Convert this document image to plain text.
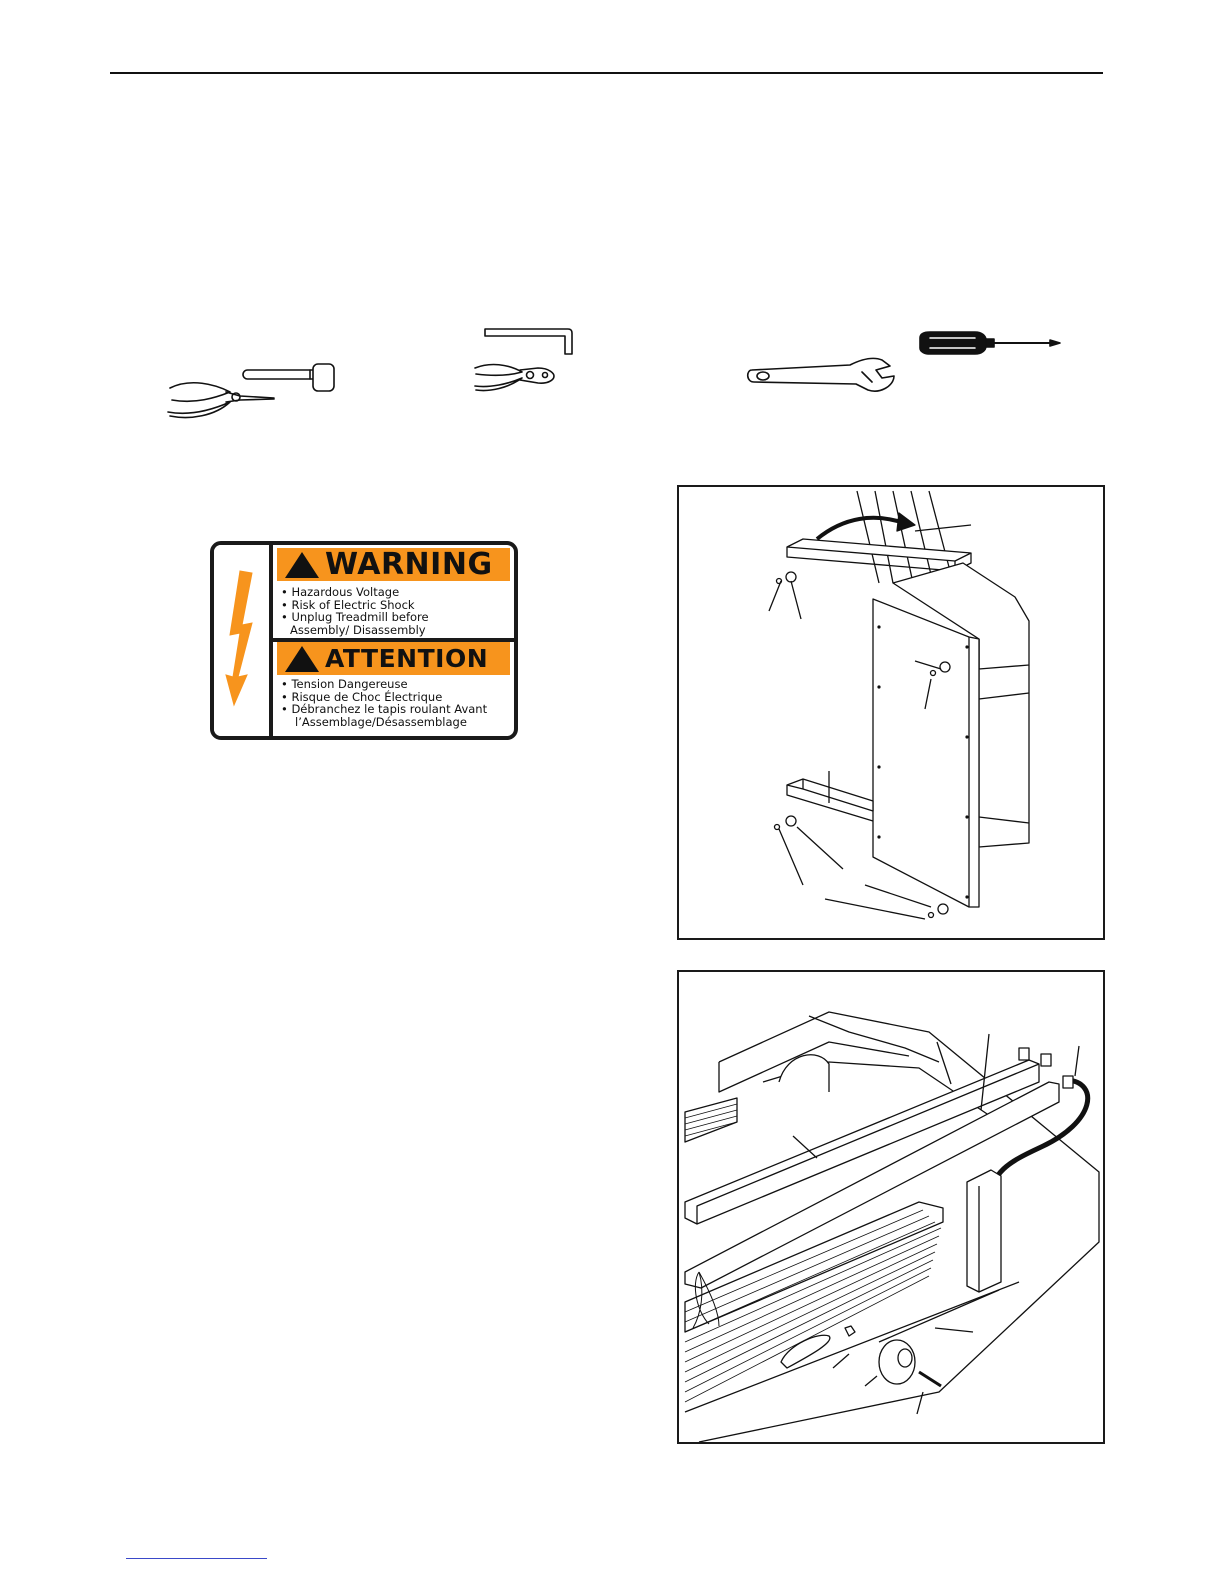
WARNING
• Hazardous Voltage
• Risk of Electric Shock
• Unplug Treadmill before
Assembly/ Disassembly
ATTENTION
• Tension Dangereuse
• Risque de Choc Électrique
• Débranchez le tapis roulant Avant
l’Assemblage/Désassemblage
